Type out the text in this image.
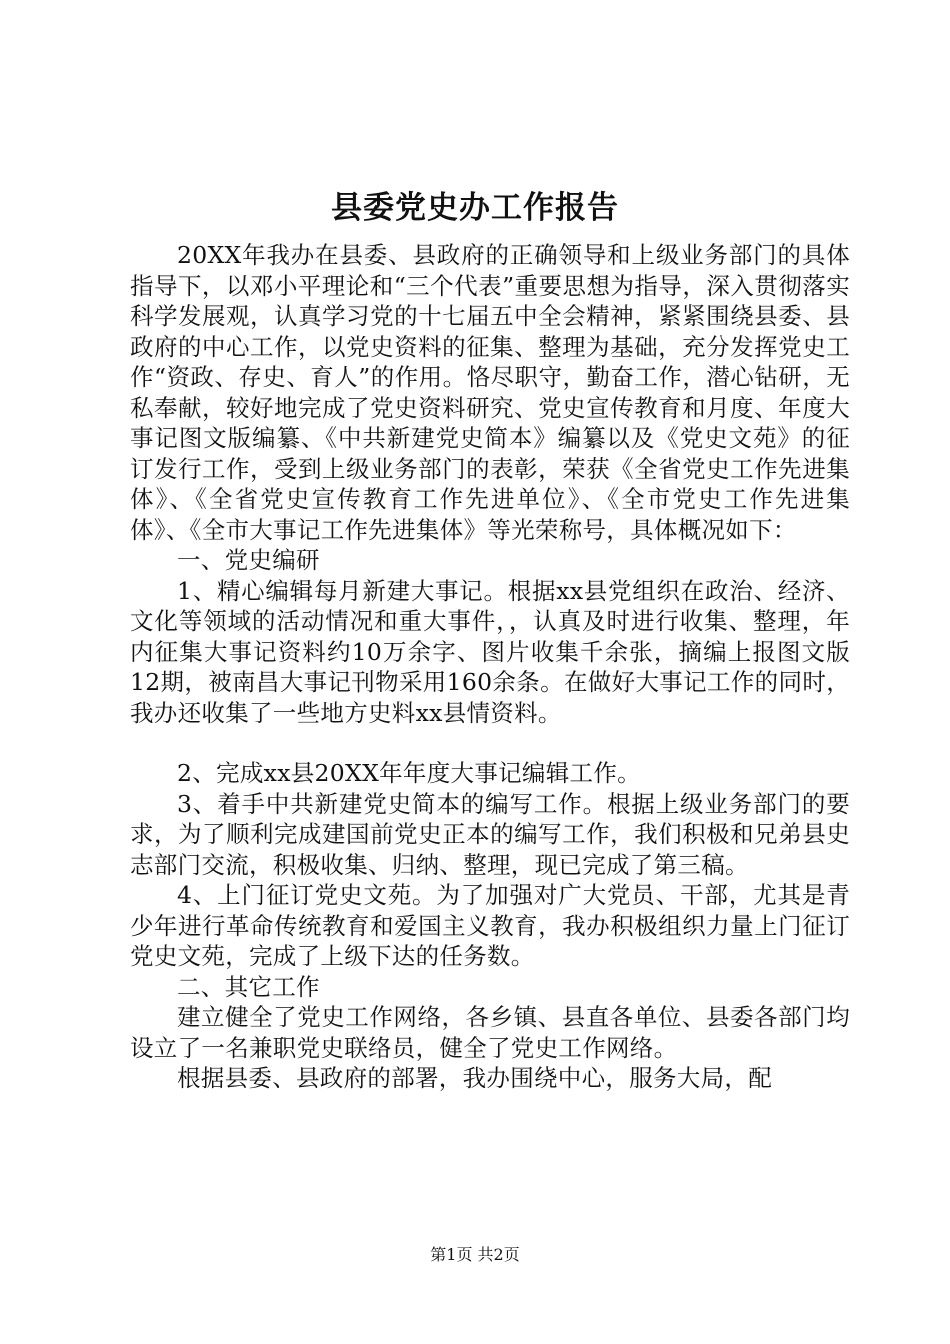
县委党史办工作报告

20XX年我办在县委、县政府的正确领导和上级业务部门的具体指导下，以邓小平理论和“三个代表”重要思想为指导，深入贯彻落实科学发展观，认真学习党的十七届五中全会精神，紧紧围绕县委、县政府的中心工作，以党史资料的征集、整理为基础，充分发挥党史工作“资政、存史、育人”的作用。恪尽职守，勤奋工作，潜心钻研，无私奉献，较好地完成了党史资料研究、党史宣传教育和月度、年度大事记图文版编纂、《中共新建党史简本》编纂以及《党史文苑》的征订发行工作，受到上级业务部门的表彰，荣获《全省党史工作先进集体》、《全省党史宣传教育工作先进单位》、《全市党史工作先进集体》、《全市大事记工作先进集体》等光荣称号，具体概况如下：

一、党史编研

1、精心编辑每月新建大事记。根据xx县党组织在政治、经济、文化等领域的活动情况和重大事件，，认真及时进行收集、整理，年内征集大事记资料约10万余字、图片收集千余张，摘编上报图文版12期，被南昌大事记刊物采用160余条。在做好大事记工作的同时，我办还收集了一些地方史料xx县情资料。

2、完成xx县20XX年年度大事记编辑工作。

3、着手中共新建党史简本的编写工作。根据上级业务部门的要求，为了顺利完成建国前党史正本的编写工作，我们积极和兄弟县史志部门交流，积极收集、归纳、整理，现已完成了第三稿。

4、上门征订党史文苑。为了加强对广大党员、干部，尤其是青少年进行革命传统教育和爱国主义教育，我办积极组织力量上门征订党史文苑，完成了上级下达的任务数。

二、其它工作

建立健全了党史工作网络，各乡镇、县直各单位、县委各部门均设立了一名兼职党史联络员，健全了党史工作网络。

根据县委、县政府的部署，我办围绕中心，服务大局，配

第1页 共2页
